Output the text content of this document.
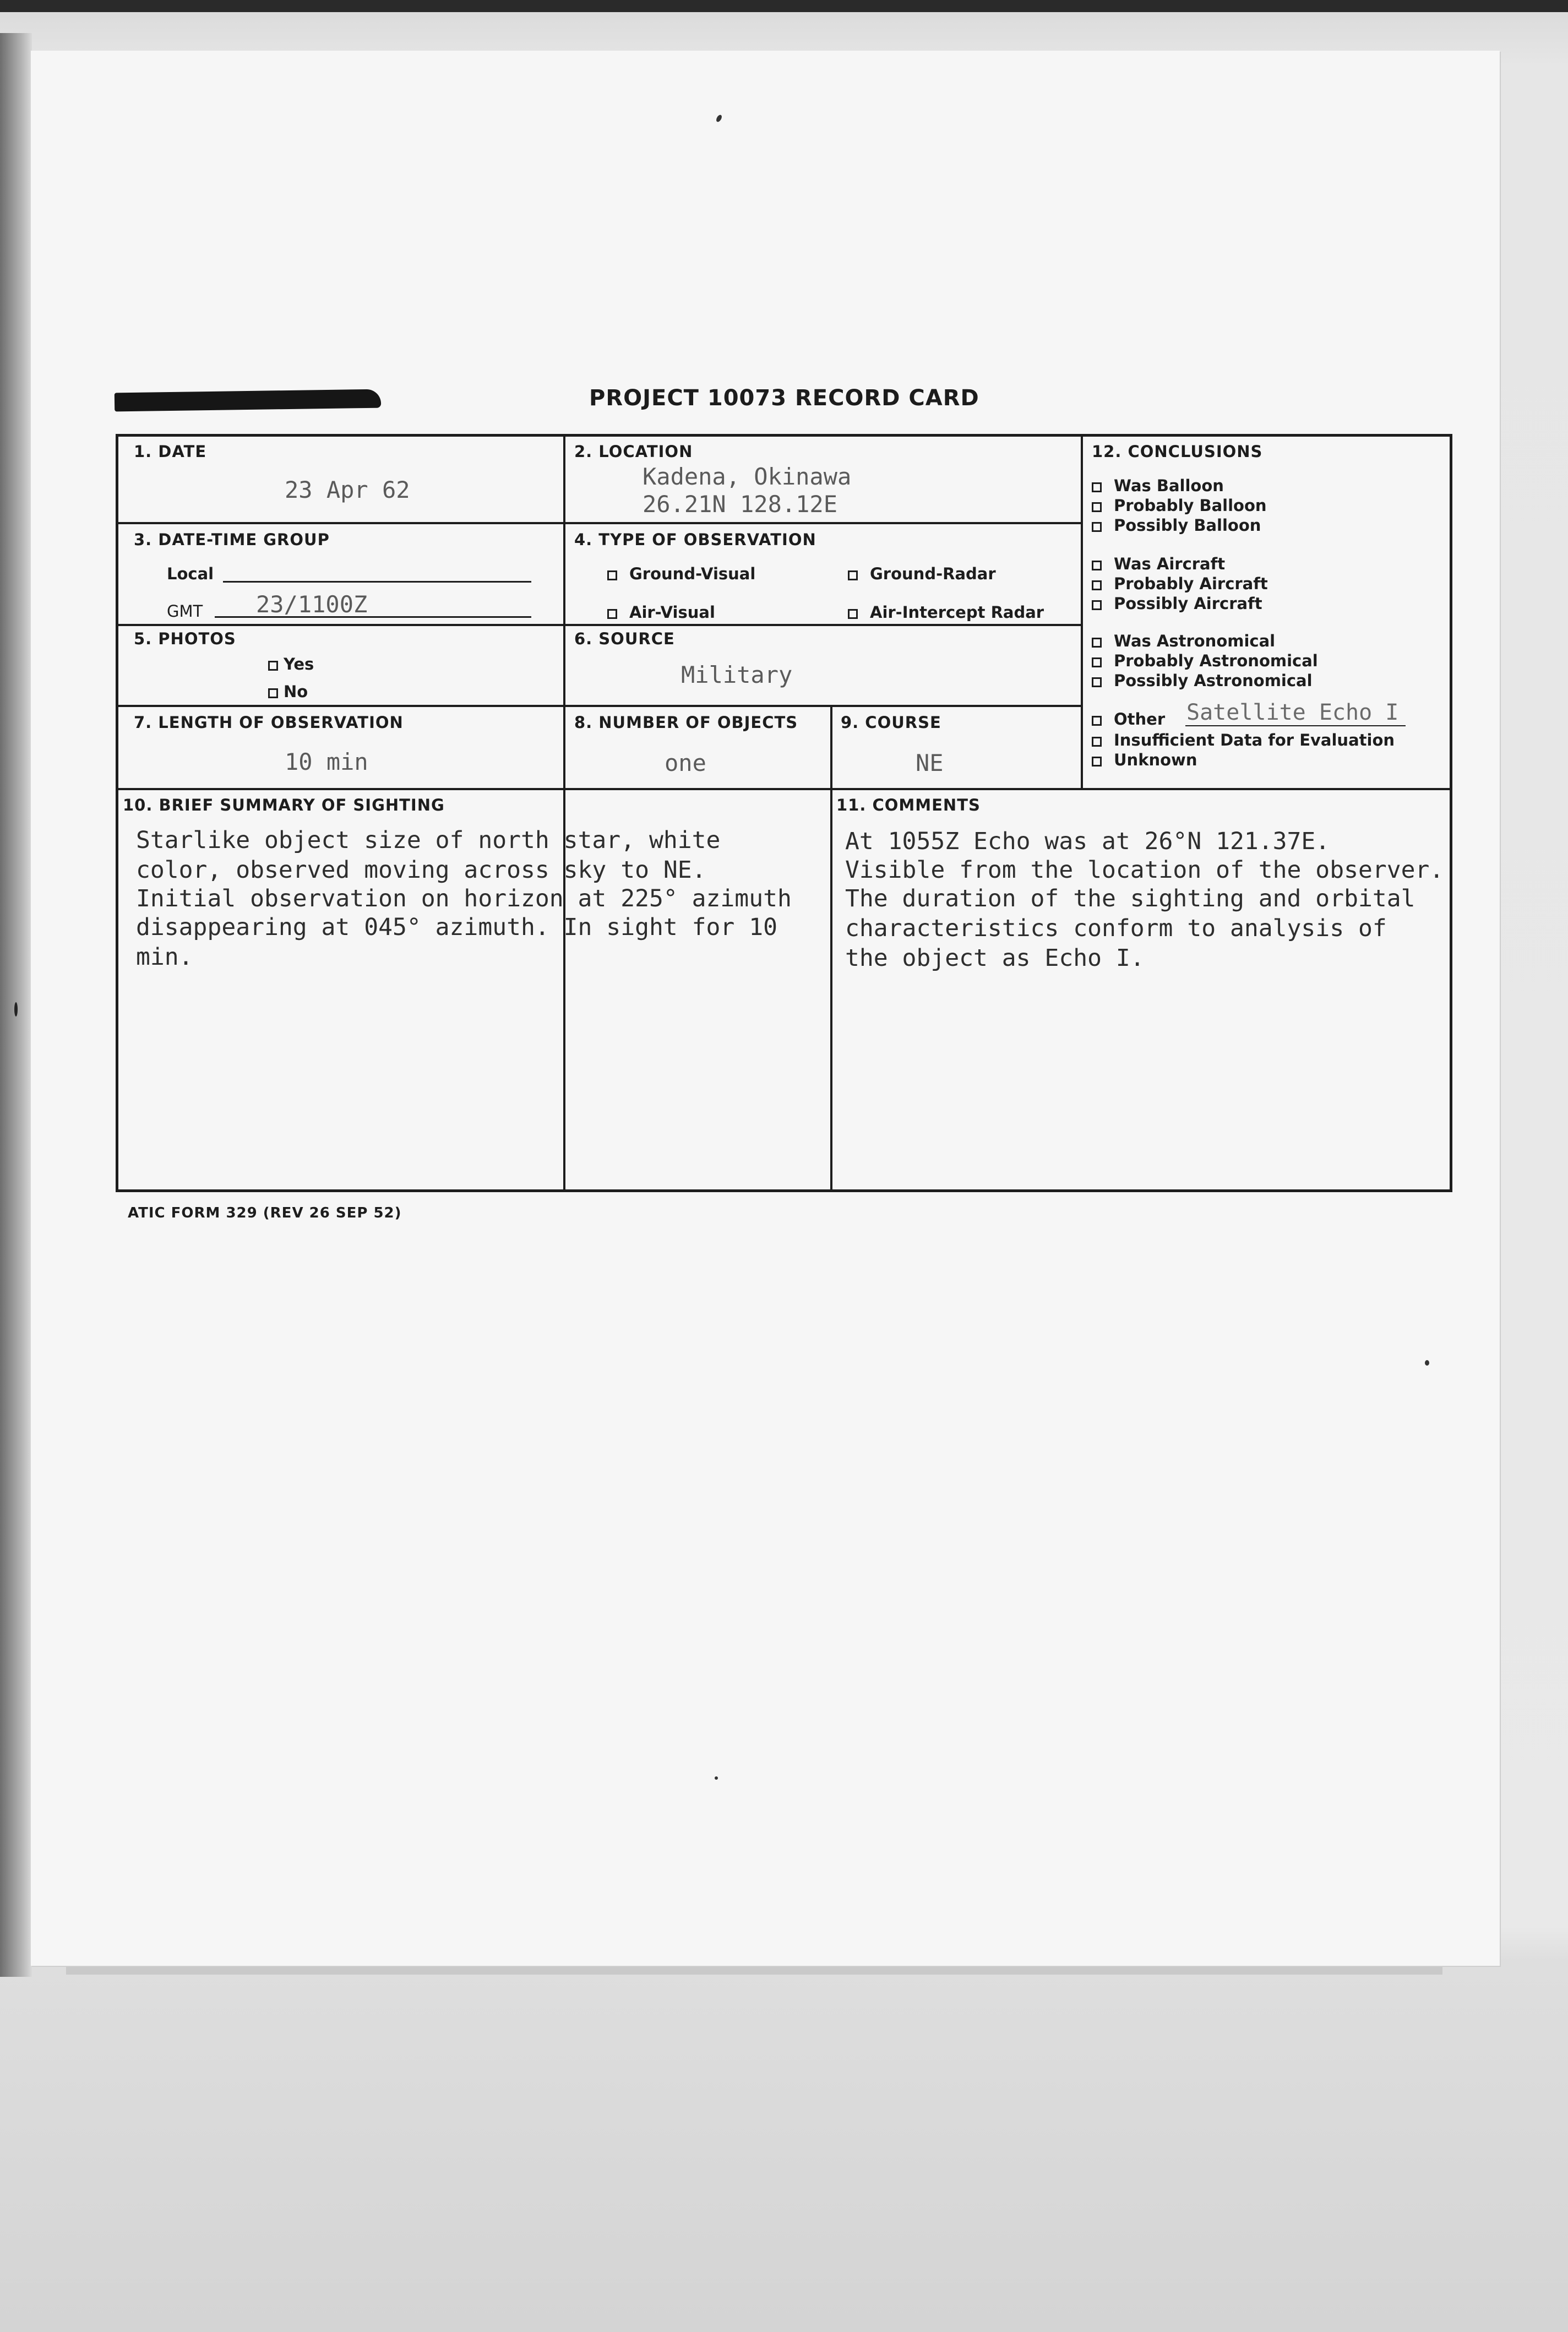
PROJECT 10073 RECORD CARD
1. DATE
23 Apr 62
2. LOCATION
Kadena, Okinawa
26.21N 128.12E
3. DATE-TIME GROUP
Local
GMT 23/1100Z
4. TYPE OF OBSERVATION
Ground-Visual	Ground-Radar
Air-Visual	Air-Intercept Radar
5. PHOTOS
Yes
No
6. SOURCE
Military
7. LENGTH OF OBSERVATION
10 min
8. NUMBER OF OBJECTS
one
9. COURSE
NE
12. CONCLUSIONS
Was Balloon
Probably Balloon
Possibly Balloon
Was Aircraft
Probably Aircraft
Possibly Aircraft
Was Astronomical
Probably Astronomical
Possibly Astronomical
Other Satellite Echo I
Insufficient Data for Evaluation
Unknown
10. BRIEF SUMMARY OF SIGHTING
Starlike object size of north star, white
color, observed moving across sky to NE.
Initial observation on horizon at 225° azimuth
disappearing at 045° azimuth. In sight for 10
min.
11. COMMENTS
At 1055Z Echo was at 26°N 121.37E.
Visible from the location of the observer.
The duration of the sighting and orbital
characteristics conform to analysis of
the object as Echo I.
ATIC FORM 329 (REV 26 SEP 52)
